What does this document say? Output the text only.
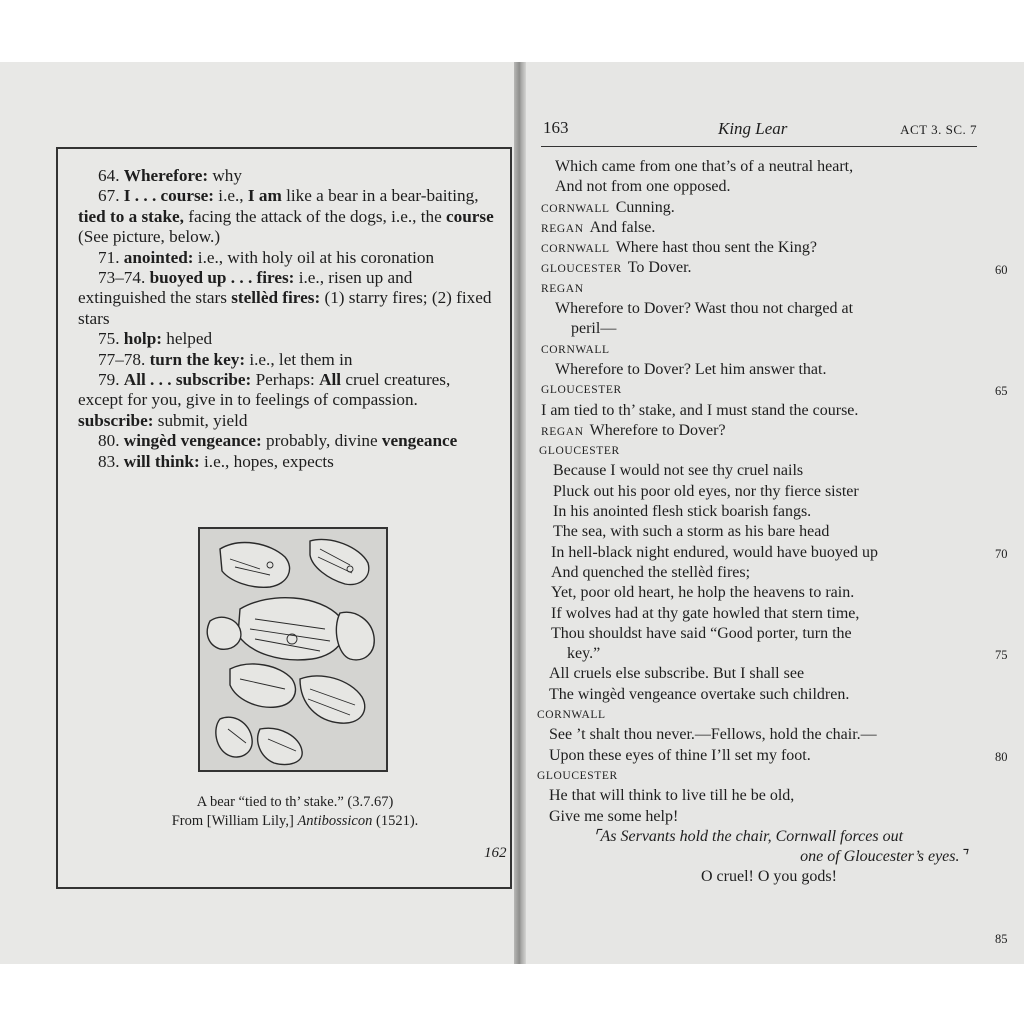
64. Wherefore: why

67. I . . . course: i.e., I am like a bear in a bear-baiting, tied to a stake, facing the attack of the dogs, i.e., the course (See picture, below.)

71. anointed: i.e., with holy oil at his coronation

73–74. buoyed up . . . fires: i.e., risen up and extinguished the stars stellèd fires: (1) starry fires; (2) fixed stars

75. holp: helped

77–78. turn the key: i.e., let them in

79. All . . . subscribe: Perhaps: All cruel creatures, except for you, give in to feelings of compassion. subscribe: submit, yield

80. wingèd vengeance: probably, divine vengeance

83. will think: i.e., hopes, expects

A bear “tied to th’ stake.” (3.7.67)
From [William Lily,] Antibossicon (1521).
162
163	King Lear	ACT 3. SC. 7
Which came from one that’s of a neutral heart,
And not from one opposed.
CORNWALL Cunning.
REGAN And false.
CORNWALL Where hast thou sent the King?
GLOUCESTER To Dover.
REGAN
Wherefore to Dover? Wast thou not charged at
peril—
CORNWALL
Wherefore to Dover? Let him answer that.
GLOUCESTER
I am tied to th’ stake, and I must stand the course.
REGAN Wherefore to Dover?
GLOUCESTER
Because I would not see thy cruel nails
Pluck out his poor old eyes, nor thy fierce sister
In his anointed flesh stick boarish fangs.
The sea, with such a storm as his bare head
In hell-black night endured, would have buoyed up
And quenched the stellèd fires;
Yet, poor old heart, he holp the heavens to rain.
If wolves had at thy gate howled that stern time,
Thou shouldst have said “Good porter, turn the
key.”
All cruels else subscribe. But I shall see
The wingèd vengeance overtake such children.
CORNWALL
See ’t shalt thou never.—Fellows, hold the chair.—
Upon these eyes of thine I’ll set my foot.
GLOUCESTER
He that will think to live till he be old,
Give me some help!
⌜As Servants hold the chair, Cornwall forces out
one of Gloucester’s eyes.⌝
O cruel! O you gods!
60
65
70
75
80
85
